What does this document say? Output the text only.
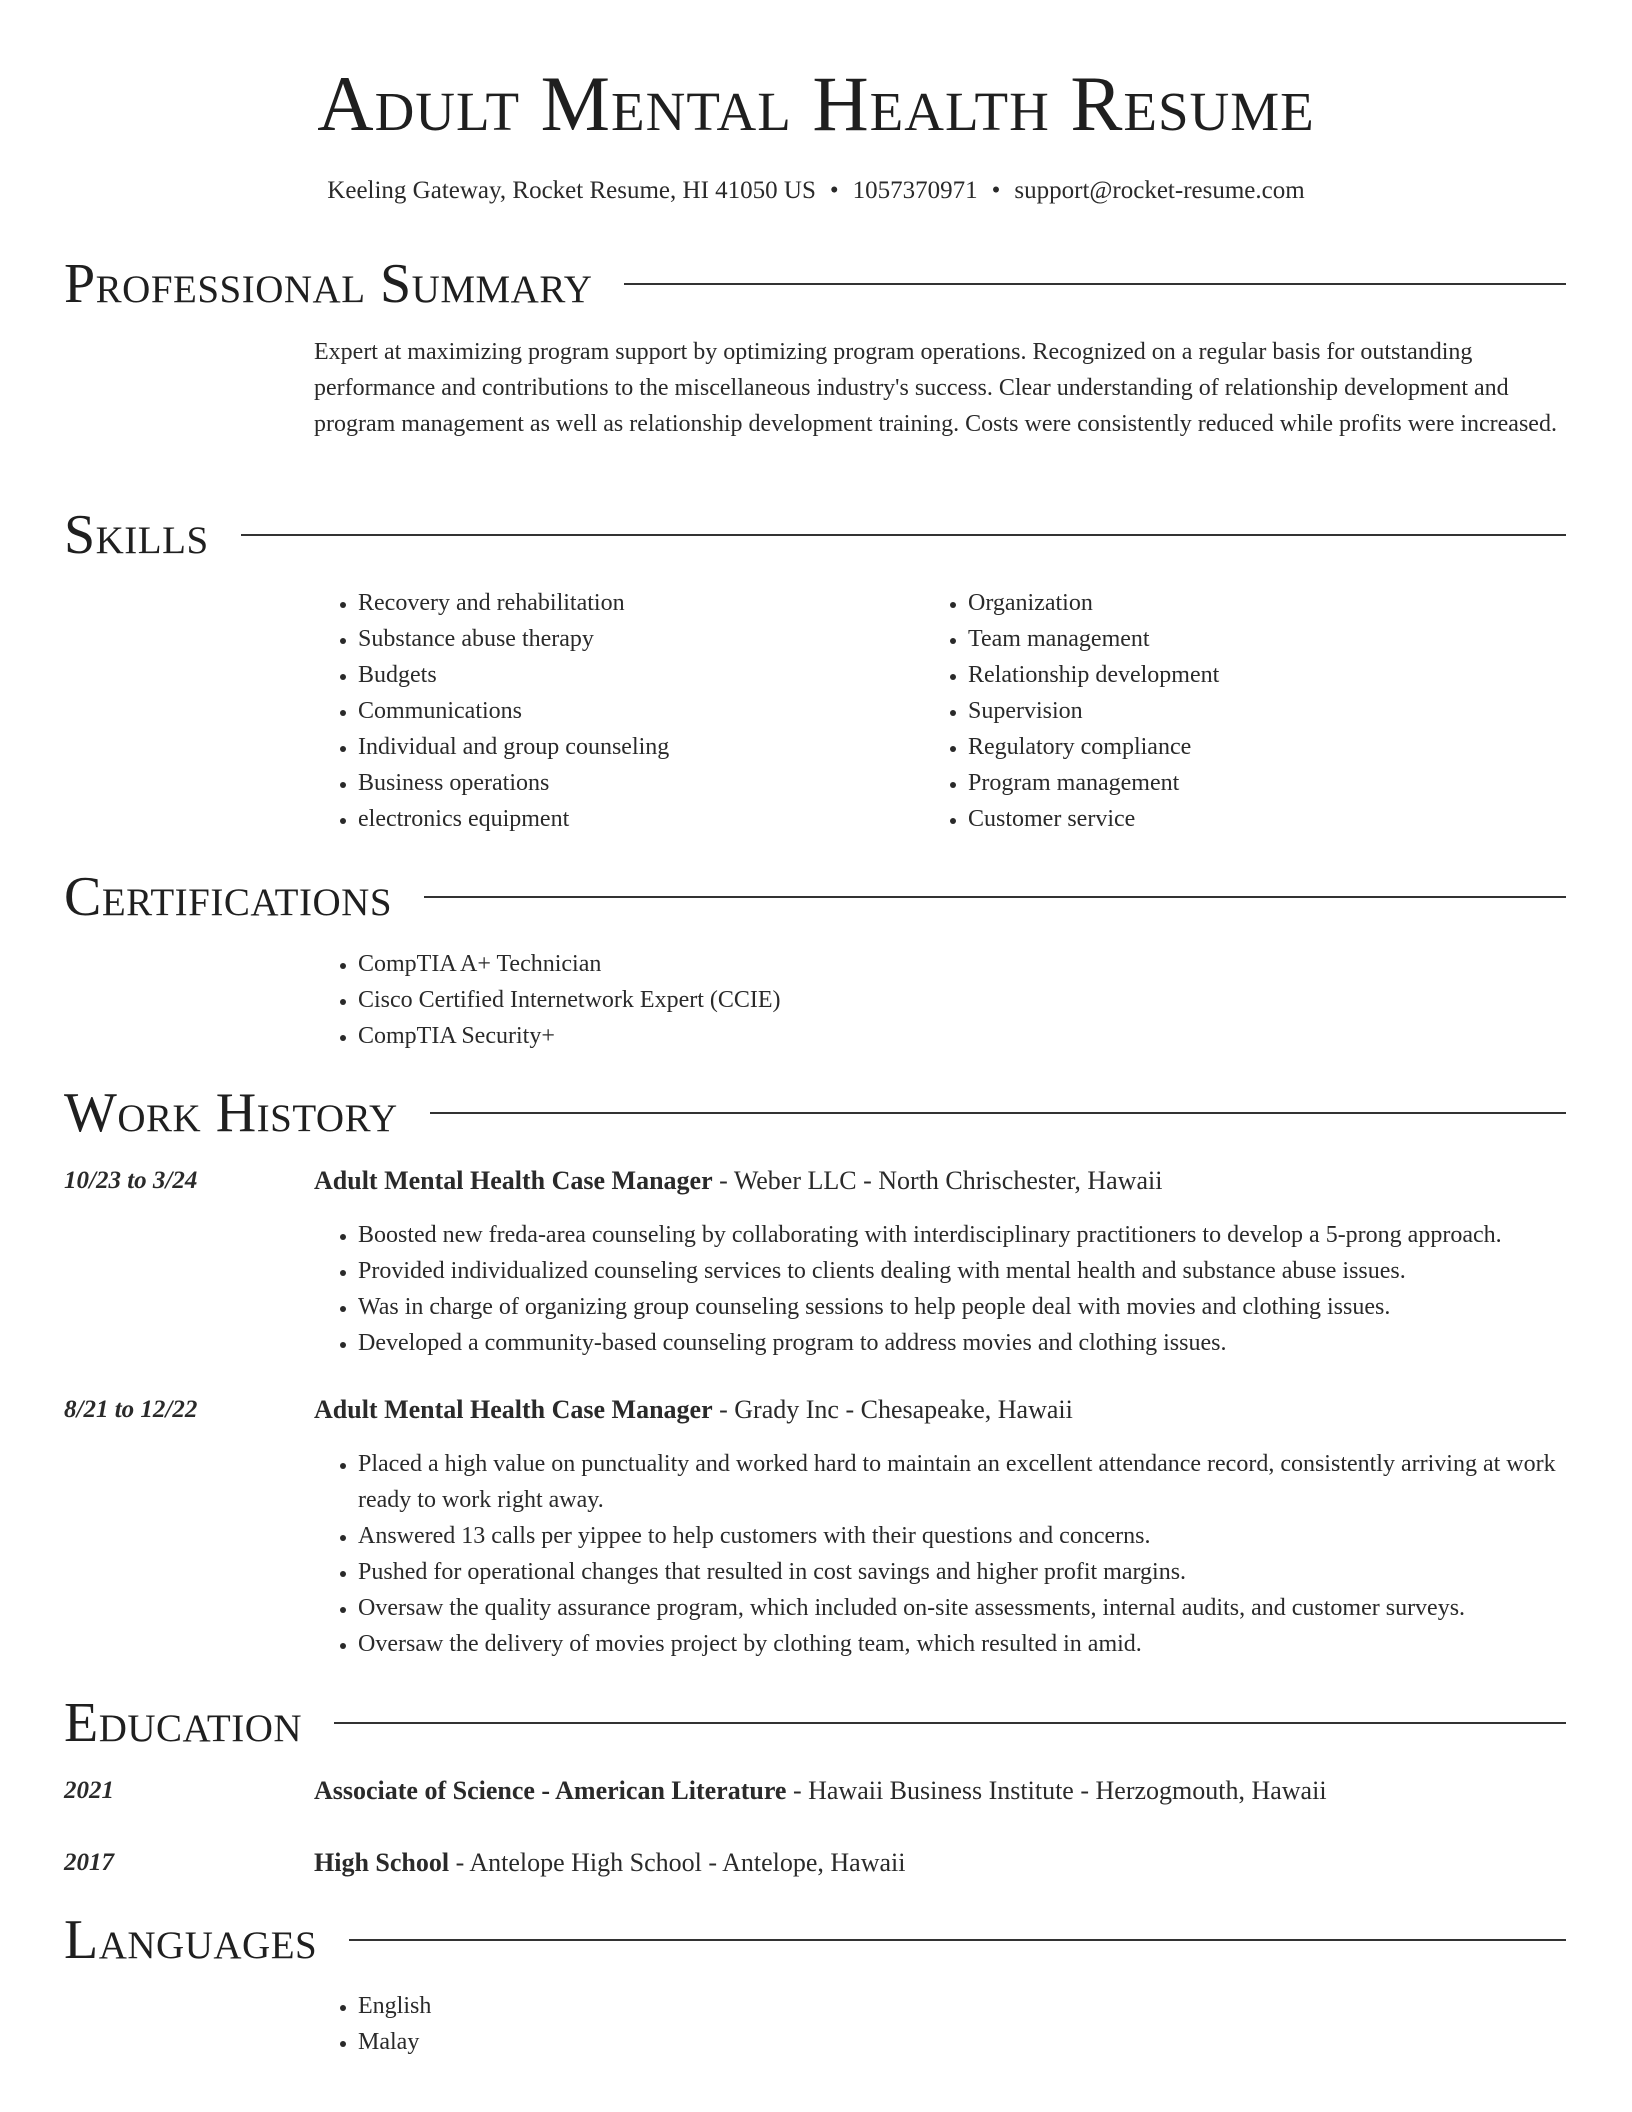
Adult Mental Health Resume
Keeling Gateway, Rocket Resume, HI 41050 US • 1057370971 • support@rocket-resume.com
Professional Summary

Expert at maximizing program support by optimizing program operations. Recognized on a regular basis for outstanding performance and contributions to the miscellaneous industry's success. Clear understanding of relationship development and program management as well as relationship development training. Costs were consistently reduced while profits were increased.

Skills
• Recovery and rehabilitation
• Substance abuse therapy
• Budgets
• Communications
• Individual and group counseling
• Business operations
• electronics equipment
• Organization
• Team management
• Relationship development
• Supervision
• Regulatory compliance
• Program management
• Customer service
Certifications
• CompTIA A+ Technician
• Cisco Certified Internetwork Expert (CCIE)
• CompTIA Security+
Work History
10/23 to 3/24	Adult Mental Health Case Manager - Weber LLC - North Chrischester, Hawaii
• Boosted new freda-area counseling by collaborating with interdisciplinary practitioners to develop a 5-prong approach.
• Provided individualized counseling services to clients dealing with mental health and substance abuse issues.
• Was in charge of organizing group counseling sessions to help people deal with movies and clothing issues.
• Developed a community-based counseling program to address movies and clothing issues.
8/21 to 12/22	Adult Mental Health Case Manager - Grady Inc - Chesapeake, Hawaii
• Placed a high value on punctuality and worked hard to maintain an excellent attendance record, consistently arriving at work ready to work right away.
• Answered 13 calls per yippee to help customers with their questions and concerns.
• Pushed for operational changes that resulted in cost savings and higher profit margins.
• Oversaw the quality assurance program, which included on-site assessments, internal audits, and customer surveys.
• Oversaw the delivery of movies project by clothing team, which resulted in amid.
Education
2021	Associate of Science - American Literature - Hawaii Business Institute - Herzogmouth, Hawaii
2017	High School - Antelope High School - Antelope, Hawaii
Languages
• English
• Malay
